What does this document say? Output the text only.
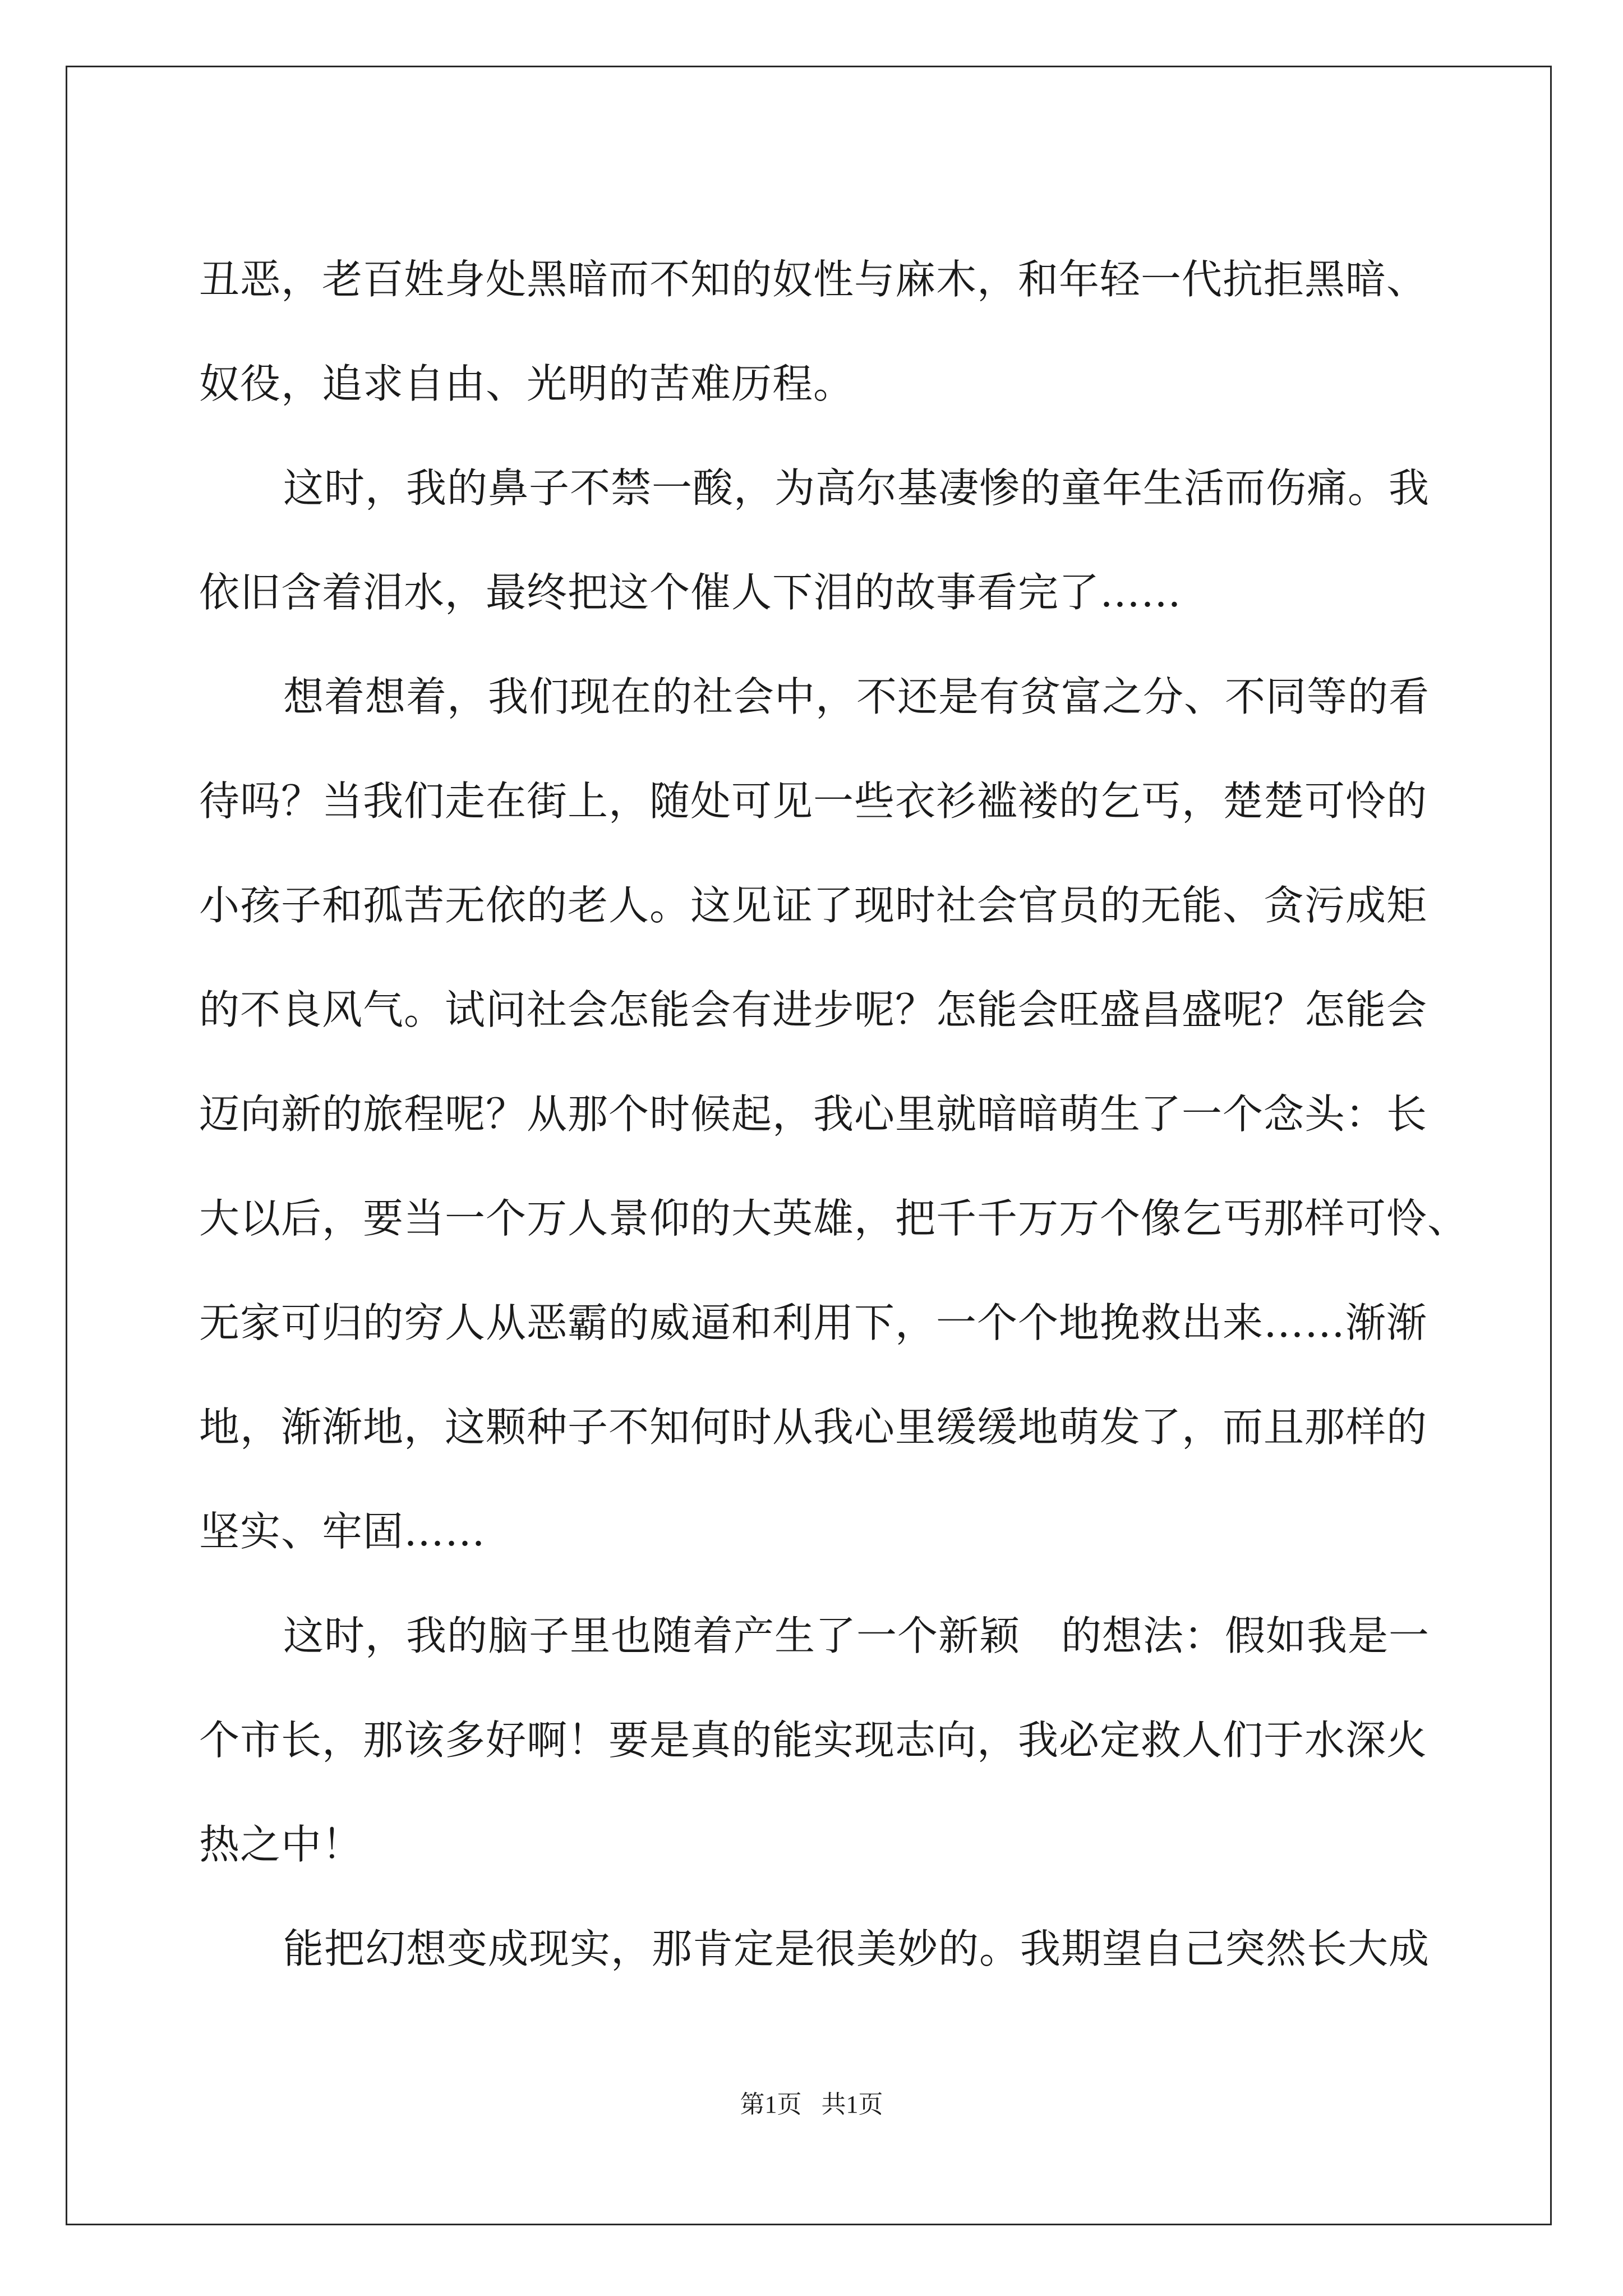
丑恶，老百姓身处黑暗而不知的奴性与麻木，和年轻一代抗拒黑暗、
奴役，追求自由、光明的苦难历程。
这时，我的鼻子不禁一酸，为高尔基凄惨的童年生活而伤痛。我
依旧含着泪水，最终把这个催人下泪的故事看完了……
想着想着，我们现在的社会中，不还是有贫富之分、不同等的看
待吗？当我们走在街上，随处可见一些衣衫褴褛的乞丐，楚楚可怜的
小孩子和孤苦无依的老人。这见证了现时社会官员的无能、贪污成矩
的不良风气。试问社会怎能会有进步呢？怎能会旺盛昌盛呢？怎能会
迈向新的旅程呢？从那个时候起，我心里就暗暗萌生了一个念头：长
大以后，要当一个万人景仰的大英雄，把千千万万个像乞丐那样可怜、
无家可归的穷人从恶霸的威逼和利用下，一个个地挽救出来……渐渐
地，渐渐地，这颗种子不知何时从我心里缓缓地萌发了，而且那样的
坚实、牢固……
这时，我的脑子里也随着产生了一个新颖　的想法：假如我是一
个市长，那该多好啊！要是真的能实现志向，我必定救人们于水深火
热之中！
能把幻想变成现实，那肯定是很美妙的。我期望自己突然长大成
第1页 共1页
